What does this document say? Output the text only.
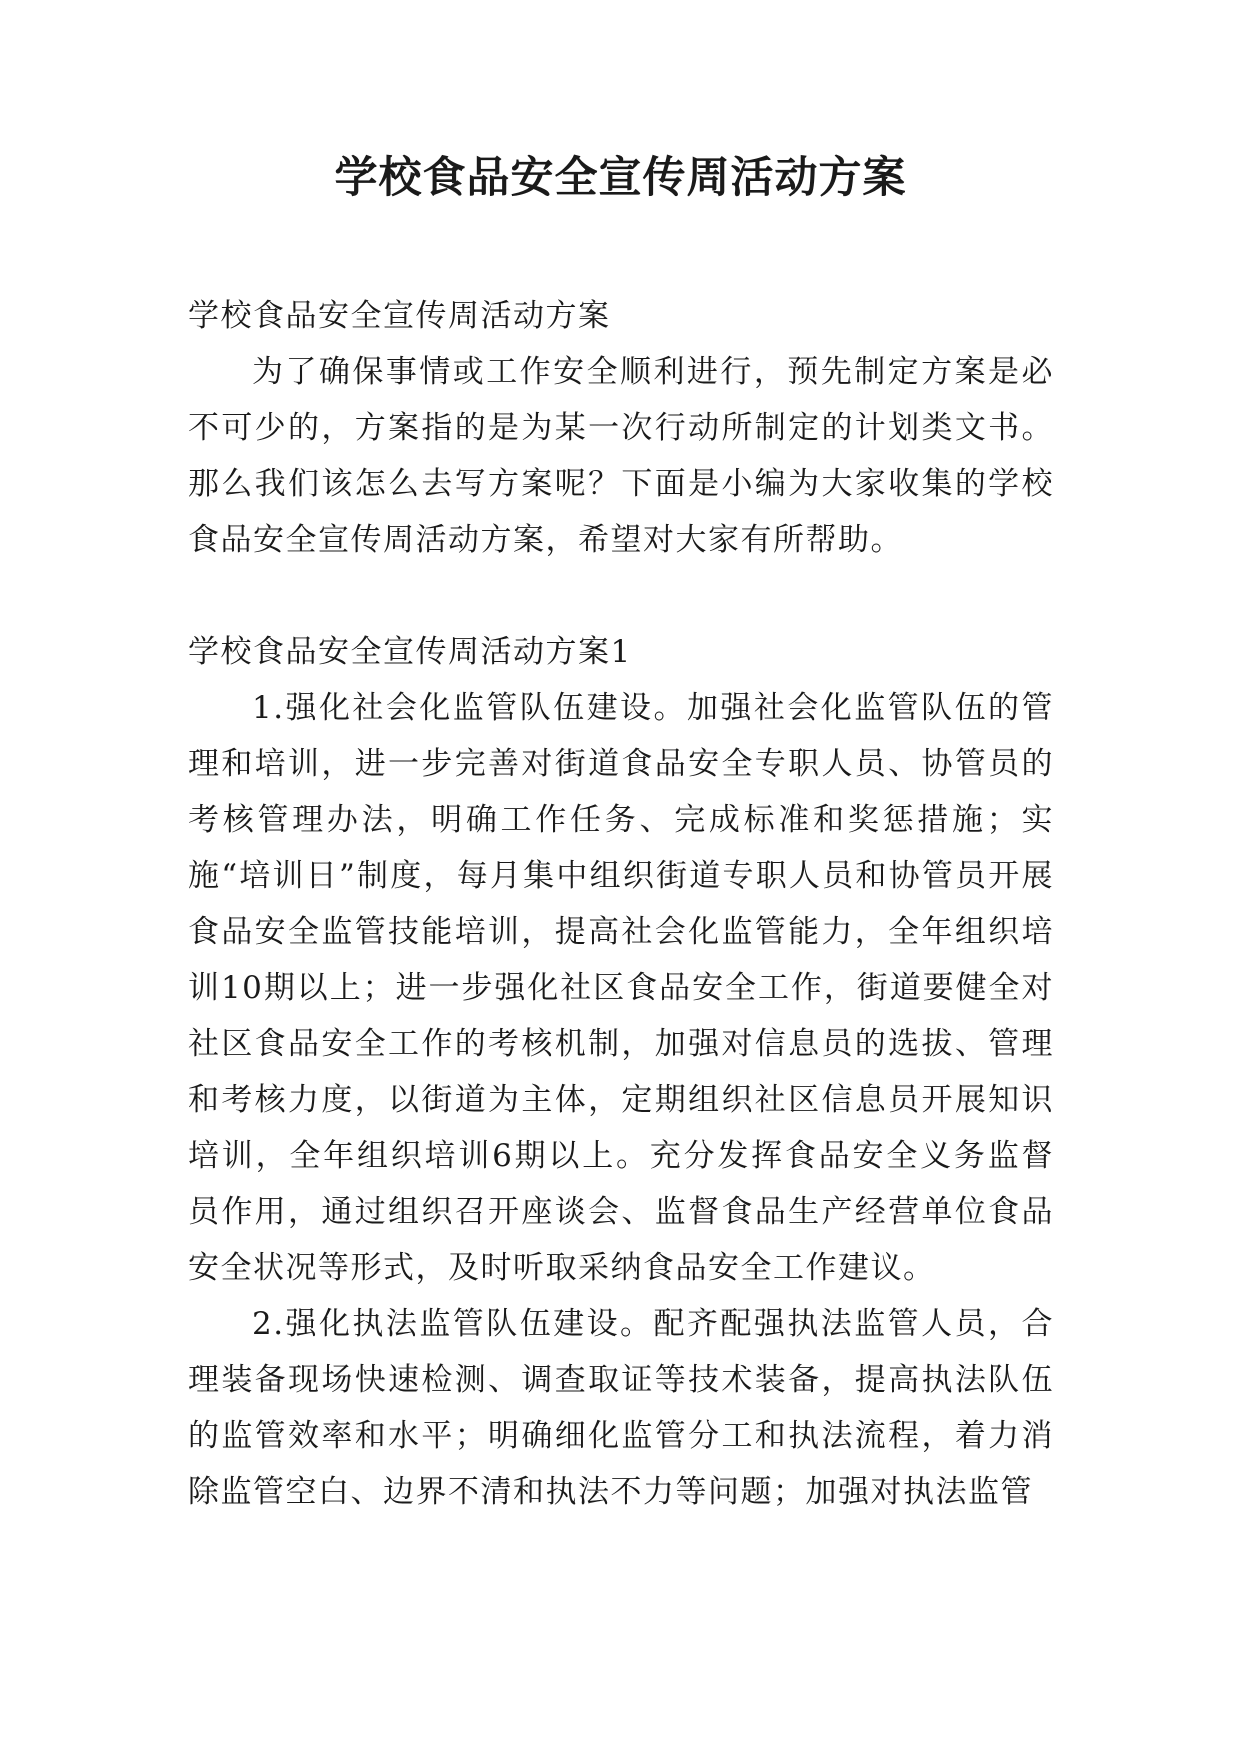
学校食品安全宣传周活动方案

学校食品安全宣传周活动方案

为了确保事情或工作安全顺利进行，预先制定方案是必不可少的，方案指的是为某一次行动所制定的计划类文书。那么我们该怎么去写方案呢？下面是小编为大家收集的学校食品安全宣传周活动方案，希望对大家有所帮助。

学校食品安全宣传周活动方案1

1.强化社会化监管队伍建设。加强社会化监管队伍的管理和培训，进一步完善对街道食品安全专职人员、协管员的考核管理办法，明确工作任务、完成标准和奖惩措施；实施“培训日”制度，每月集中组织街道专职人员和协管员开展食品安全监管技能培训，提高社会化监管能力，全年组织培训10期以上；进一步强化社区食品安全工作，街道要健全对社区食品安全工作的考核机制，加强对信息员的选拔、管理和考核力度，以街道为主体，定期组织社区信息员开展知识培训，全年组织培训6期以上。充分发挥食品安全义务监督员作用，通过组织召开座谈会、监督食品生产经营单位食品安全状况等形式，及时听取采纳食品安全工作建议。

2.强化执法监管队伍建设。配齐配强执法监管人员，合理装备现场快速检测、调查取证等技术装备，提高执法队伍的监管效率和水平；明确细化监管分工和执法流程，着力消除监管空白、边界不清和执法不力等问题；加强对执法监管
